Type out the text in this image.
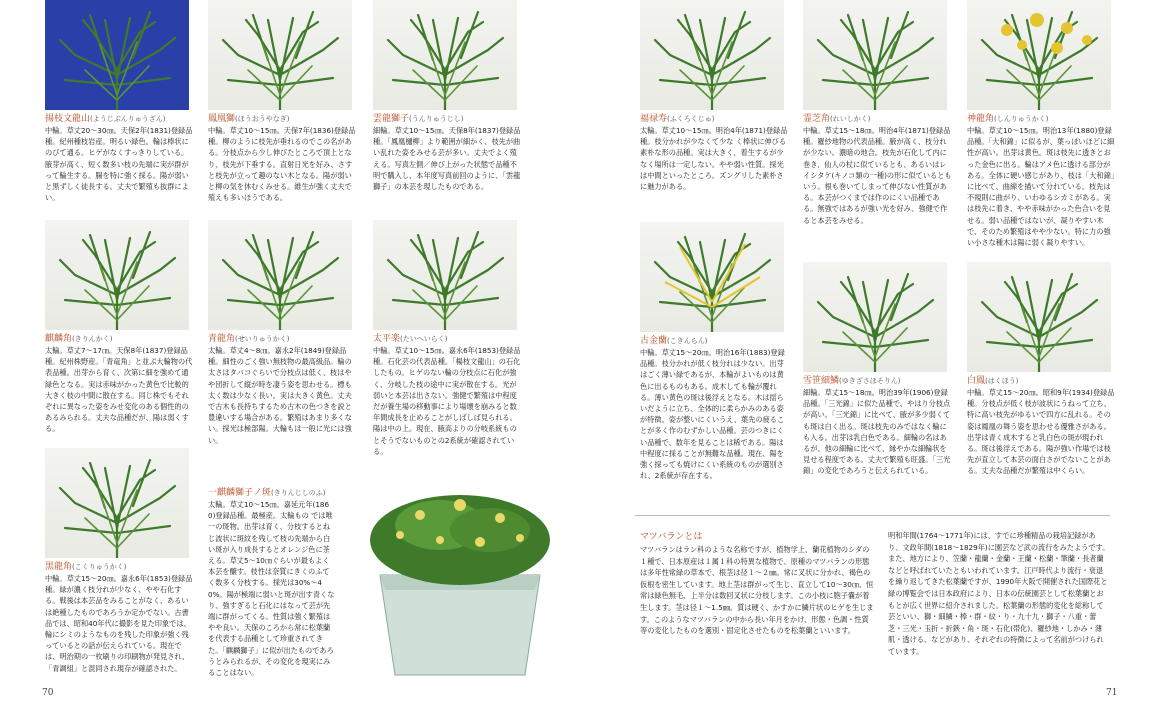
揚枝文龍山(ようじぶんりゅうざん)
中輪。草丈20〜30㎝。天保2年(1831)登録品種。紀州種枝岩産。明るい緑色。輪は棒状にのびて通る。ヒゲがなくすっきりしている。腋芽が高く、短く数多い枝の先端に実が群がって輪生する。腸を特に強く採る。陽が弱いと黒ずしく徒長する。丈夫で繁殖も抜群によい。
鳳凰獅(ほうおうやなぎ)
中輪。草丈10〜15㎝。天保7年(1836)登録品種。柳のように枝先が垂れるのでこの名がある。分枝点から少し伸びたところで頂上となり、枝先が下垂する。直射日光を好み、さすと枝先が立って趣のない木となる。陽が弱いと柳の気を休むくみせる。維生が強く丈夫で殖えも多いほうである。
雲龍獅子(うんりゅうじし)
細輪。草丈10〜15㎝。天保8年(1837)登録品種。「鳳凰樋柳」より範囲が細かく、枝先が曲い乱れた姿をみせる芸が多い。丈夫でよく殖える。写真左側／伸び上がった状態で品種不明で購入し、本年度写真前回のように、「雲龍獅子」の本芸を現したものである。
麒麟角(きりんかく)
太輪。草丈7〜17㎝。天保8年(1837)登録品種。紀州株野産。「青竜角」と並ぶ大輪物の代表品種。出芽から育く、次第に細を強めて通緑色となる。実は赤味がかった黄色で比較的大きく枝の中間に散在する。同じ株でもそれぞれに異なった姿をみせ変化のある個性的のあるみられる。丈夫な品種だが、陽は弱くする。
青龍角(せいりゅうかく)
太輪。草丈4〜8㎝。嘉永2年(1849)登録品種。細性のごく強い無枝物の最高級品。輪の太さはタバコぐらいで分枝点は低く、枝はやや団折して縦が時を凄う姿を思わせる。標も太く数は少なく長い。実は大きく黄色。丈夫で古木も長持ちするため古木の色つきを説と豊違いする場合がある。繁殖はあまり多くない。採光は極部陽。大輪もは一般に光には強い。
太平楽(たいへいらく)
中輪。草丈10〜15㎝。嘉永6年(1853)登録品種。石化芸の代表品種。「楊枝文龍山」の石化したもの。ヒゲのない輪の分枝点に石化が強く、分岐した枝の途中に実が散在する。光が弱いと本芸は出さない。強健で繁殖は中程度だが養生場の移動事により場壊を崩みると数年間成長を止めることがしばしば見られる。陽は中の上。現在、腋高よりの分岐系統ものとそうでないものとの2系統が確認されている。
黒龍角(こくりゅうかく)
中輪。草丈15〜20㎝。嘉永6年(1853)登録品種。緑が濃く枝分れが少なく、やや石化する。戦後は本芸品をみることがなく、あるいは絶種したものであろうか定かでない。古書品では、昭和40年代に撮影を見た印象では、輪にシミのようなものを残した印象が強く残っているとの話が伝えられている。現在では、明治期の一枚刷りの印刷物が発見され、「青調組」と混同され現存が確認された。
一麒麟獅子ノ斑(きりんじしのふ)
太輪。草丈10〜15㎝。嘉延元年(1860)登録品種。最極産。太輪もの では唯一の斑物。出芽は育く、分枝するとねじ波状に斑紋を残して枝の先端から白い斑が入り成長するとオレンジ色に茶える。草丈5〜10㎝ぐらいが最もよく本芸を醸す。枝性は奈質にきくのふてく数多く分枝する。採光は30%〜40%。陽が極端に弱いと斑が出す青くなり、強すぎると石化にはなって芸が先端に群がってくる。性質は強く繁殖はやや良い。天保のころから常に松葉蘭を代表する品種として珍重されてきた。「麒麟獅子」に似が出たものであろうとみられるが、その変化を現実にみることはない。
70
福禄寿(ふくろくじゅ)
太輪。草丈10〜15㎝。明治4年(1871)登録品種。枝分かれが少なくて少な く棒状に伸びる素朴な形の品種。実は大きく、着生するが少なく場所は一定しない。やや弱い性質。採光は中間といったところ。ズングリした素朴さに魅力がある。
霊芝角(れいしかく)
中輪。草丈15〜18㎝。明治4年(1871)登録品種。羅紗地物の代表品種。腋が高く、枝分れが少ない。濃暗の地合。枝先が石化して内に巻き、仙人の杖に似ているとも、あるいはレイシタケ(キノコ類の一種)の形に似ているともいう。根も巻いてしまって伸びない性質がある。本芸がつくまでは作のにくい品種である。無強ではあるが強い光を好み、強健で作ると本芸をみせる。
神龍角(しんりゅうかく)
中輪。草丈10〜15㎝。明治13年(1880)登録品種。「大和錦」に似るが、葉っぽいほどに細性が高い。出芽は黄色。斑は枝先に透きとおった金色に出る。輪はアメ色に透ける部分がある。全体に硬い感じがあり、枝は「大和錦」に比べて、曲線を描いて分れている。枝先は不規則に曲がり、いわゆるシカミがある。実は枝先に着き、やや赤味がかった色合いを見せる。弱い品種ではないが、凝りやすい木で、そのため繁殖はやや少ない。特に力の強い小さな種木は陽に弱く凝りやすい。
古金蘭(こきんらん)
中輪。草丈15〜20㎝。明治16年(1883)登録品種。枝分かれが低く枝分れは少ない。出芽はごく薄い緑であるが、本輪がよいものは黄色に出るものもある。成木しても輪が覆れる。薄い黄色の斑は後浮えとなる。木は揺らいだように立ち、全体的に柔らかみのある姿が特徴。姿が整いにくいうえ、葉先の疲ることが多く作のむずかしい品種。芸のつきにくい品種で、数年を見ることは稀である。陽は中程度に採ることが無難な品種。現在、陽を強く採っても焼けにくい系統のものが選別され、2系統が存在する。
雪笹細鱗(ゆきざさほそりん)
細輪。草丈15〜18㎝。明治39年(1906)登録品種。「三光錦」に似た品種で、やはり分枝点が高い。「三光錦」に比べて、腋が多少弱くても斑は白く出る。斑は枝先のみではなく輪にも入る。出芽は乳白色である。細輪の名はあるが、他の細輪に比べて、縁やかな細輪状を見せる程度である。丈夫で繁殖も旺盛。「三光錦」の変化であろうと伝えられている。
白鳳(はくほう)
中輪。草丈15〜20㎝。昭和9年(1934)登録品種。分枝点が低く枝が波状にうねって立ち、特に高い枝先がゆるいで四方に乱れる。その姿は鳳凰の舞う姿を思わせる優雅さがある。出芽は青く成木すると乳白色の斑が現われる。斑は後浮えである。陽が強い作場では枝先が直立して本芸の面白さがでないことがある。丈夫な品種だが繁殖は中くらい。
マツバランとは
マツバランはラン科のような名称ですが、植物学上、蘭花植物のシダの１種で、日本原産は１属１科の特異な植物で、原種のマツバランの形態は多年性常緑の草本で、根茎は径１〜２㎜。常に叉状に分かれ、褐色の仮根を密生しています。地上茎は群がって生じ、直立して10〜30㎝、恒常は緑色無毛、上半分は数回叉状に分枝します。この小枝に胞子嚢が着生します。茎は径１〜1.5㎜。質は硬く、かすかに鱗片状のヒゲを生じます。このようなマツバランの中から長い年月をかけ、形態・色調・性質等の変化したものを選別・固定化させたものを松葉蘭といいます。
明和年間(1764〜1771年)には、すでに珍種精品の栽培記録があり、文政年間(1818〜1829年)に園芸など武の流行をみたようです。また、地方により、笠蘭・龍蘭・金蘭・王蘭・松蘭・筆蘭・長者蘭などと呼ばれていたともいわれています。江戸時代より流行・衰退を繰り返してきた松葉蘭ですが、1990年大阪で開催された国際花と緑の博覧会では日本政府により、日本の伝統園芸として松葉蘭とおもとが広く世界に紹介されました。松葉蘭の形態的変化を総称して芸といい、獅・細鱗・棒・群・紋・り・九十九・獅子・八重・蕾芝・三光・玉折・折鋏・角・斑・石化(帯化)、羅紗地・しかみ・薄肌・透ける、などがあり、それぞれの特徴によって名前がつけられています。
71
